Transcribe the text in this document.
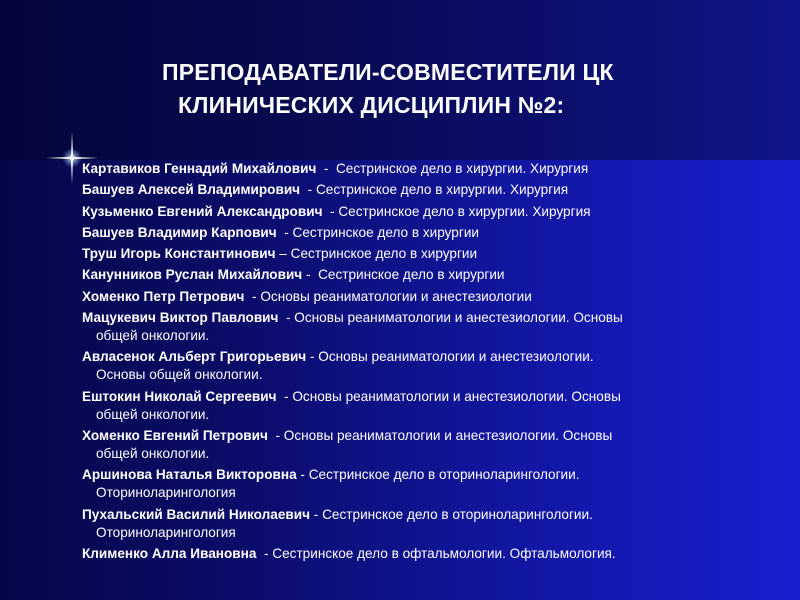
ПРЕПОДАВАТЕЛИ-СОВМЕСТИТЕЛИ ЦК
КЛИНИЧЕСКИХ ДИСЦИПЛИН №2:
Картавиков Геннадий Михайлович  -  Сестринское дело в хирургии. Хирургия
Башуев Алексей Владимирович  - Сестринское дело в хирургии. Хирургия
Кузьменко Евгений Александрович  - Сестринское дело в хирургии. Хирургия
Башуев Владимир Карпович  - Сестринское дело в хирургии
Труш Игорь Константинович – Сестринское дело в хирургии
Канунников Руслан Михайлович -  Сестринское дело в хирургии
Хоменко Петр Петрович  - Основы реаниматологии и анестезиологии
Мацукевич Виктор Павлович  - Основы реаниматологии и анестезиологии. Основы
общей онкологии.
Авласенок Альберт Григорьевич - Основы реаниматологии и анестезиологии.
Основы общей онкологии.
Ештокин Николай Сергеевич  - Основы реаниматологии и анестезиологии. Основы
общей онкологии.
Хоменко Евгений Петрович  - Основы реаниматологии и анестезиологии. Основы
общей онкологии.
Аршинова Наталья Викторовна - Сестринское дело в оториноларингологии.
Оториноларингология
Пухальский Василий Николаевич - Сестринское дело в оториноларингологии.
Оториноларингология
Клименко Алла Ивановна  - Сестринское дело в офтальмологии. Офтальмология.
